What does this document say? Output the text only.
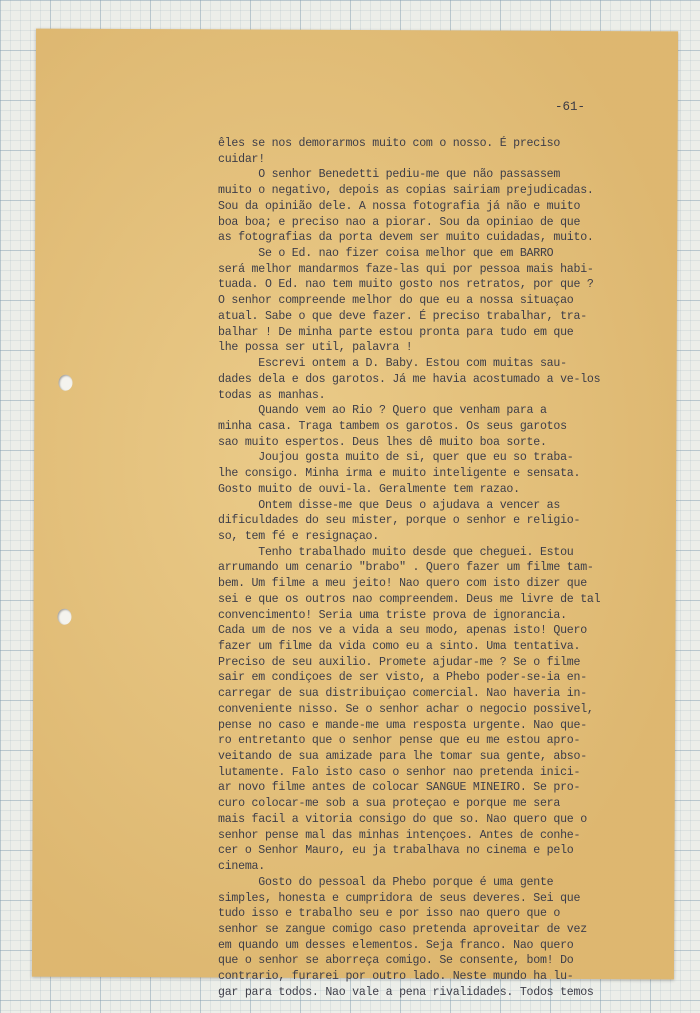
-61-
êles se nos demorarmos muito com o nosso. É preciso
cuidar!
O senhor Benedetti pediu-me que não passassem
muito o negativo, depois as copias sairiam prejudicadas.
Sou da opinião dele. A nossa fotografia já não e muito
boa boa; e preciso nao a piorar. Sou da opiniao de que
as fotografias da porta devem ser muito cuidadas, muito.
Se o Ed. nao fizer coisa melhor que em BARRO
será melhor mandarmos faze-las qui por pessoa mais habi-
tuada. O Ed. nao tem muito gosto nos retratos, por que ?
O senhor compreende melhor do que eu a nossa situaçao
atual. Sabe o que deve fazer. É preciso trabalhar, tra-
balhar ! De minha parte estou pronta para tudo em que
lhe possa ser util, palavra !
Escrevi ontem a D. Baby. Estou com muitas sau-
dades dela e dos garotos. Já me havia acostumado a ve-los
todas as manhas.
Quando vem ao Rio ? Quero que venham para a
minha casa. Traga tambem os garotos. Os seus garotos
sao muito espertos. Deus lhes dê muito boa sorte.
Joujou gosta muito de si, quer que eu so traba-
lhe consigo. Minha irma e muito inteligente e sensata.
Gosto muito de ouvi-la. Geralmente tem razao.
Ontem disse-me que Deus o ajudava a vencer as
dificuldades do seu mister, porque o senhor e religio-
so, tem fé e resignaçao.
Tenho trabalhado muito desde que cheguei. Estou
arrumando um cenario "brabo" . Quero fazer um filme tam-
bem. Um filme a meu jeito! Nao quero com isto dizer que
sei e que os outros nao compreendem. Deus me livre de tal
convencimento! Seria uma triste prova de ignorancia.
Cada um de nos ve a vida a seu modo, apenas isto! Quero
fazer um filme da vida como eu a sinto. Uma tentativa.
Preciso de seu auxilio. Promete ajudar-me ? Se o filme
sair em condiçoes de ser visto, a Phebo poder-se-ia en-
carregar de sua distribuiçao comercial. Nao haveria in-
conveniente nisso. Se o senhor achar o negocio possivel,
pense no caso e mande-me uma resposta urgente. Nao que-
ro entretanto que o senhor pense que eu me estou apro-
veitando de sua amizade para lhe tomar sua gente, abso-
lutamente. Falo isto caso o senhor nao pretenda inici-
ar novo filme antes de colocar SANGUE MINEIRO. Se pro-
curo colocar-me sob a sua proteçao e porque me sera
mais facil a vitoria consigo do que so. Nao quero que o
senhor pense mal das minhas intençoes. Antes de conhe-
cer o Senhor Mauro, eu ja trabalhava no cinema e pelo
cinema.
Gosto do pessoal da Phebo porque é uma gente
simples, honesta e cumpridora de seus deveres. Sei que
tudo isso e trabalho seu e por isso nao quero que o
senhor se zangue comigo caso pretenda aproveitar de vez
em quando um desses elementos. Seja franco. Nao quero
que o senhor se aborreça comigo. Se consente, bom! Do
contrario, furarei por outro lado. Neste mundo ha lu-
gar para todos. Nao vale a pena rivalidades. Todos temos
